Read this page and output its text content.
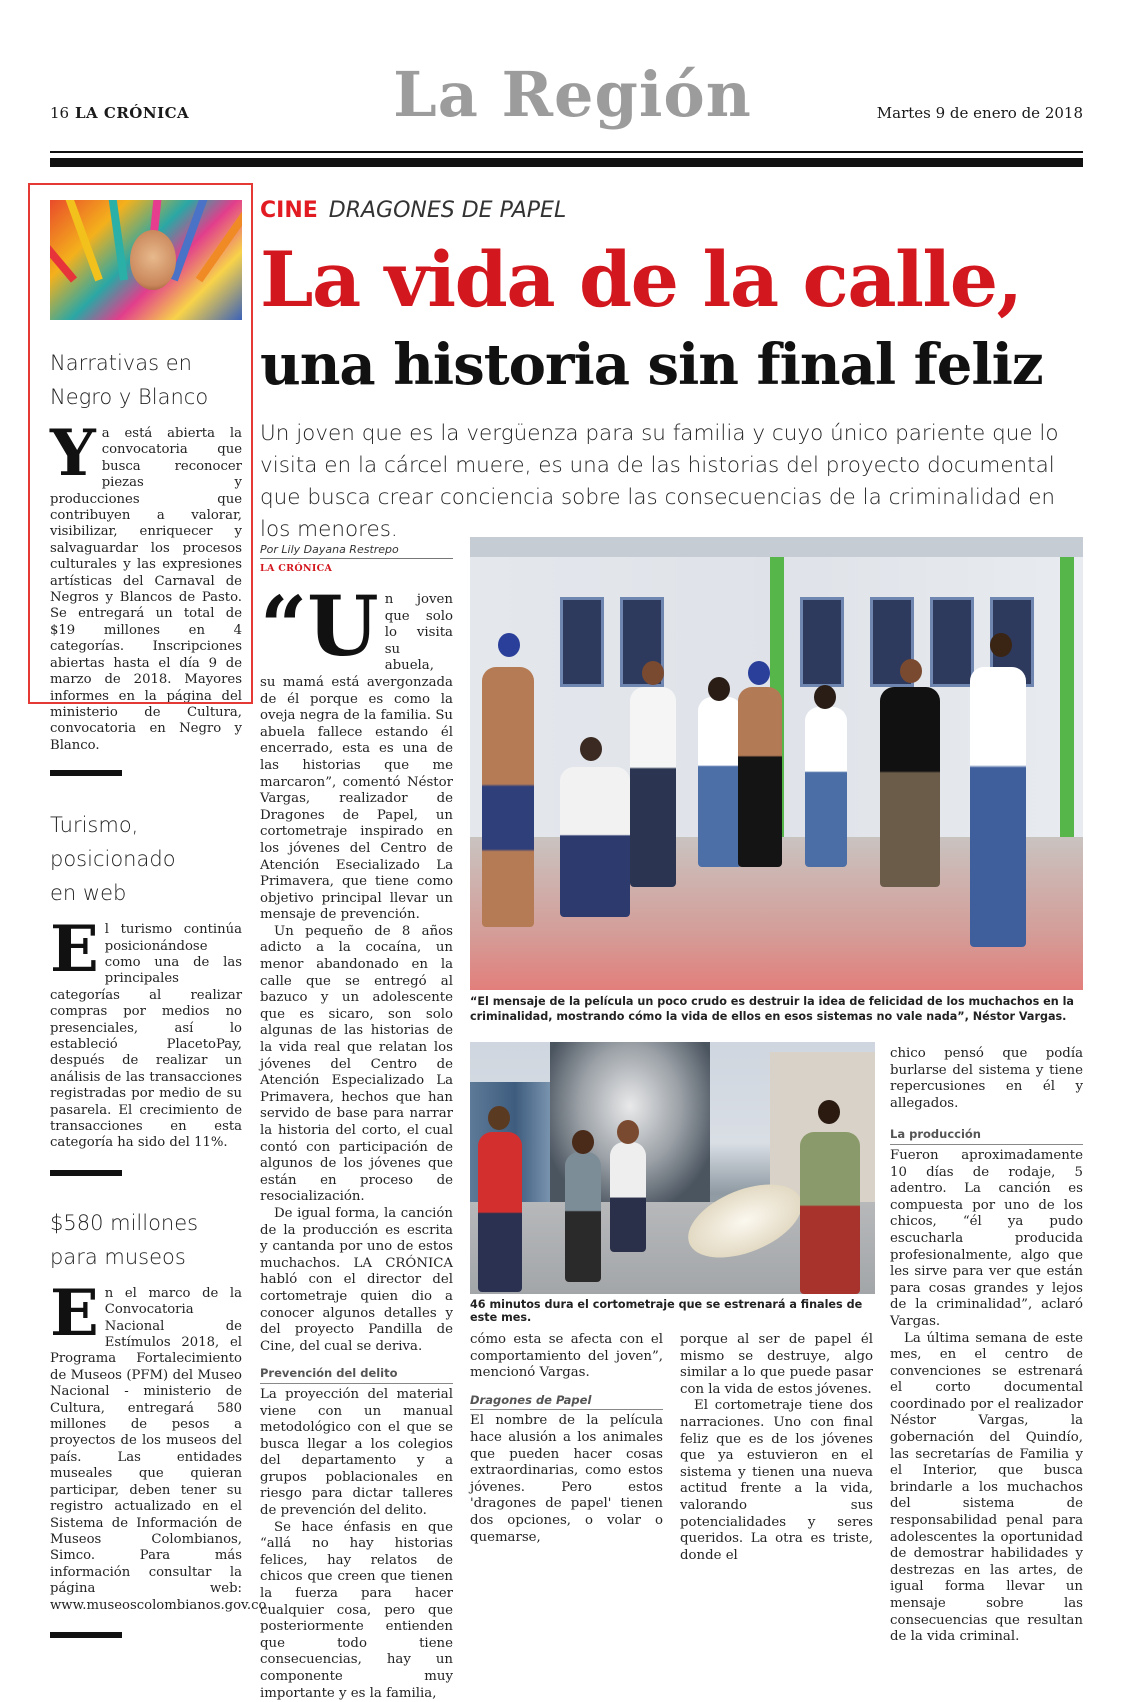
16 LA CRÓNICA	La Región	Martes 9 de enero de 2018
Narrativas en
Negro y Blanco
Ya está abierta la convocatoria que busca reconocer piezas y producciones que contribuyen a valorar, visibilizar, enriquecer y salvaguardar los procesos culturales y las expresiones artísticas del Carnaval de Negros y Blancos de Pasto. Se entregará un total de $19 millones en 4 categorías. Inscripciones abiertas hasta el día 9 de marzo de 2018. Mayores informes en la página del ministerio de Cultura, convocatoria en Negro y Blanco.
Turismo,
posicionado
en web
El turismo continúa posicionándose como una de las principales categorías al realizar compras por medios no presenciales, así lo estableció PlacetoPay, después de realizar un análisis de las transacciones registradas por medio de su pasarela. El crecimiento de transacciones en esta categoría ha sido del 11%.
$580 millones
para museos
En el marco de la Convocatoria Nacional de Estímulos 2018, el Programa Fortalecimiento de Museos (PFM) del Museo Nacional - ministerio de Cultura, entregará 580 millones de pesos a proyectos de los museos del país. Las entidades museales que quieran participar, deben tener su registro actualizado en el Sistema de Información de Museos Colombianos, Simco. Para más información consultar la página web: www.museoscolombianos.gov.co
CINE DRAGONES DE PAPEL
La vida de la calle,
una historia sin final feliz
Un joven que es la vergüenza para su familia y cuyo único pariente que lo visita en la cárcel muere, es una de las historias del proyecto documental que busca crear conciencia sobre las consecuencias de la criminalidad en los menores.
Por Lily Dayana Restrepo
LA CRÓNICA
“U n joven que solo lo visita su abuela, su mamá está avergonzada de él porque es como la oveja negra de la familia. Su abuela fallece estando él encerrado, esta es una de las historias que me marcaron”, comentó Néstor Vargas, realizador de Dragones de Papel, un cortometraje inspirado en los jóvenes del Centro de Atención Esecializado La Primavera, que tiene como objetivo principal llevar un mensaje de prevención.

Un pequeño de 8 años adicto a la cocaína, un menor abandonado en la calle que se entregó al bazuco y un adolescente que es sicaro, son solo algunas de las historias de la vida real que relatan los jóvenes del Centro de Atención Especializado La Primavera, hechos que han servido de base para narrar la historia del corto, el cual contó con participación de algunos de los jóvenes que están en proceso de resocialización.

De igual forma, la canción de la producción es escrita y cantanda por uno de estos muchachos. LA CRÓNICA habló con el director del cortometraje quien dio a conocer algunos detalles y del proyecto Pandilla de Cine, del cual se deriva.

Prevención del delito

La proyección del material viene con un manual metodológico con el que se busca llegar a los colegios del departamento y a grupos poblacionales en riesgo para dictar talleres de prevención del delito.

Se hace énfasis en que “allá no hay historias felices, hay relatos de chicos que creen que tienen la fuerza para hacer cualquier cosa, pero que posteriormente entienden que todo tiene consecuencias, hay un componente muy importante y es la familia,

“El mensaje de la película un poco crudo es destruir la idea de felicidad de los muchachos en la criminalidad, mostrando cómo la vida de ellos en esos sistemas no vale nada”, Néstor Vargas.
46 minutos dura el cortometraje que se estrenará a finales de este mes.

cómo esta se afecta con el comportamiento del joven”, mencionó Vargas.

Dragones de Papel

El nombre de la película hace alusión a los animales que pueden hacer cosas extraordinarias, como estos jóvenes. Pero estos 'dragones de papel' tienen dos opciones, o volar o quemarse,

porque al ser de papel él mismo se destruye, algo similar a lo que puede pasar con la vida de estos jóvenes.

El cortometraje tiene dos narraciones. Uno con final feliz que es de los jóvenes que ya estuvieron en el sistema y tienen una nueva actitud frente a la vida, valorando sus potencialidades y seres queridos. La otra es triste, donde el

chico pensó que podía burlarse del sistema y tiene repercusiones en él y allegados.

La producción

Fueron aproximadamente 10 días de rodaje, 5 adentro. La canción es compuesta por uno de los chicos, “él ya pudo escucharla producida profesionalmente, algo que les sirve para ver que están para cosas grandes y lejos de la criminalidad”, aclaró Vargas.

La última semana de este mes, en el centro de convenciones se estrenará el corto documental coordinado por el realizador Néstor Vargas, la gobernación del Quindío, las secretarías de Familia y el Interior, que busca brindarle a los muchachos del sistema de responsabilidad penal para adolescentes la oportunidad de demostrar habilidades y destrezas en las artes, de igual forma llevar un mensaje sobre las consecuencias que resultan de la vida criminal.
